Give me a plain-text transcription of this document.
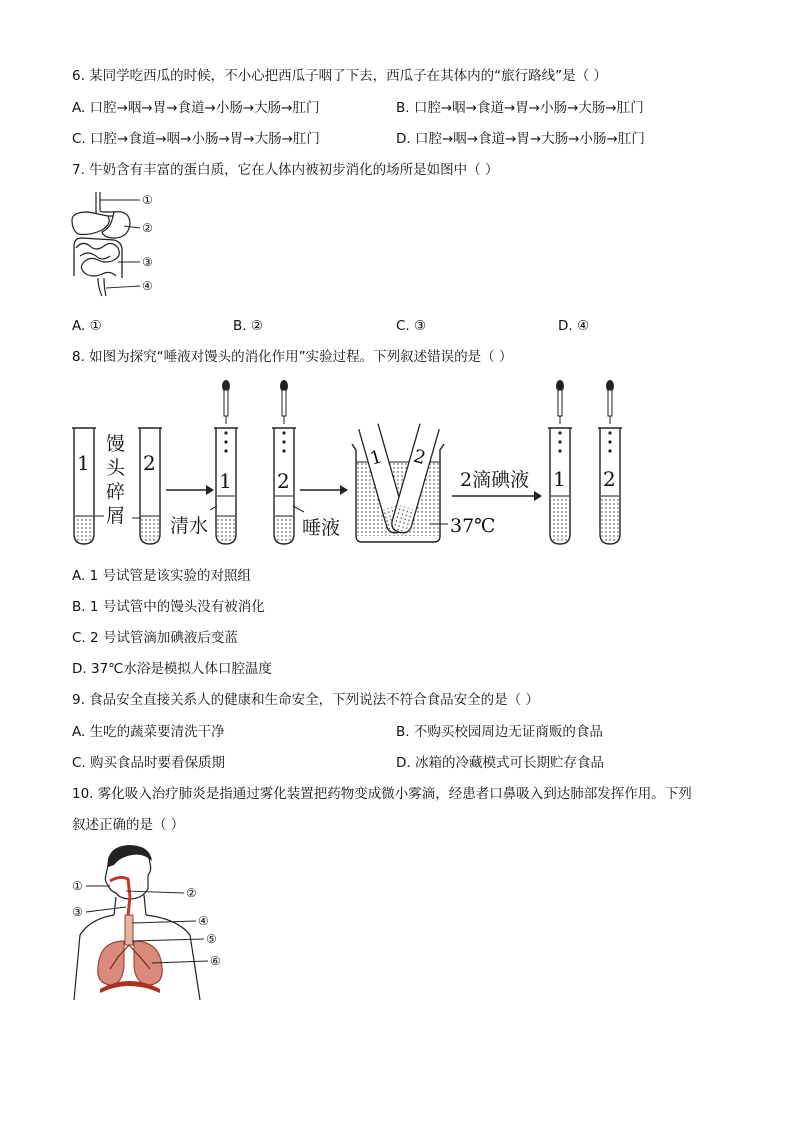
6. 某同学吃西瓜的时候，不小心把西瓜子咽了下去，西瓜子在其体内的“旅行路线”是（ ）
A. 口腔→咽→胃→食道→小肠→大肠→肛门	B. 口腔→咽→食道→胃→小肠→大肠→肛门
C. 口腔→食道→咽→小肠→胃→大肠→肛门	D. 口腔→咽→食道→胃→大肠→小肠→肛门
7. 牛奶含有丰富的蛋白质，它在人体内被初步消化的场所是如图中（ ）
①
②
③
④
A. ①	B. ②	C. ③	D. ④
8. 如图为探究“唾液对馒头的消化作用”实验过程。下列叙述错误的是（ ）
1
馒
头
碎
屑
2
1
清水
2
唾液
1 2
37℃
2滴碘液 1 2
A. 1 号试管是该实验的对照组
B. 1 号试管中的馒头没有被消化
C. 2 号试管滴加碘液后变蓝
D. 37℃水浴是模拟人体口腔温度
9. 食品安全直接关系人的健康和生命安全，下列说法不符合食品安全的是（ ）
A. 生吃的蔬菜要清洗干净	B. 不购买校园周边无证商贩的食品
C. 购买食品时要看保质期	D. 冰箱的冷藏模式可长期贮存食品
10. 雾化吸入治疗肺炎是指通过雾化装置把药物变成微小雾滴，经患者口鼻吸入到达肺部发挥作用。下列
叙述正确的是（ ）
①	②
③
④
⑤
⑥
